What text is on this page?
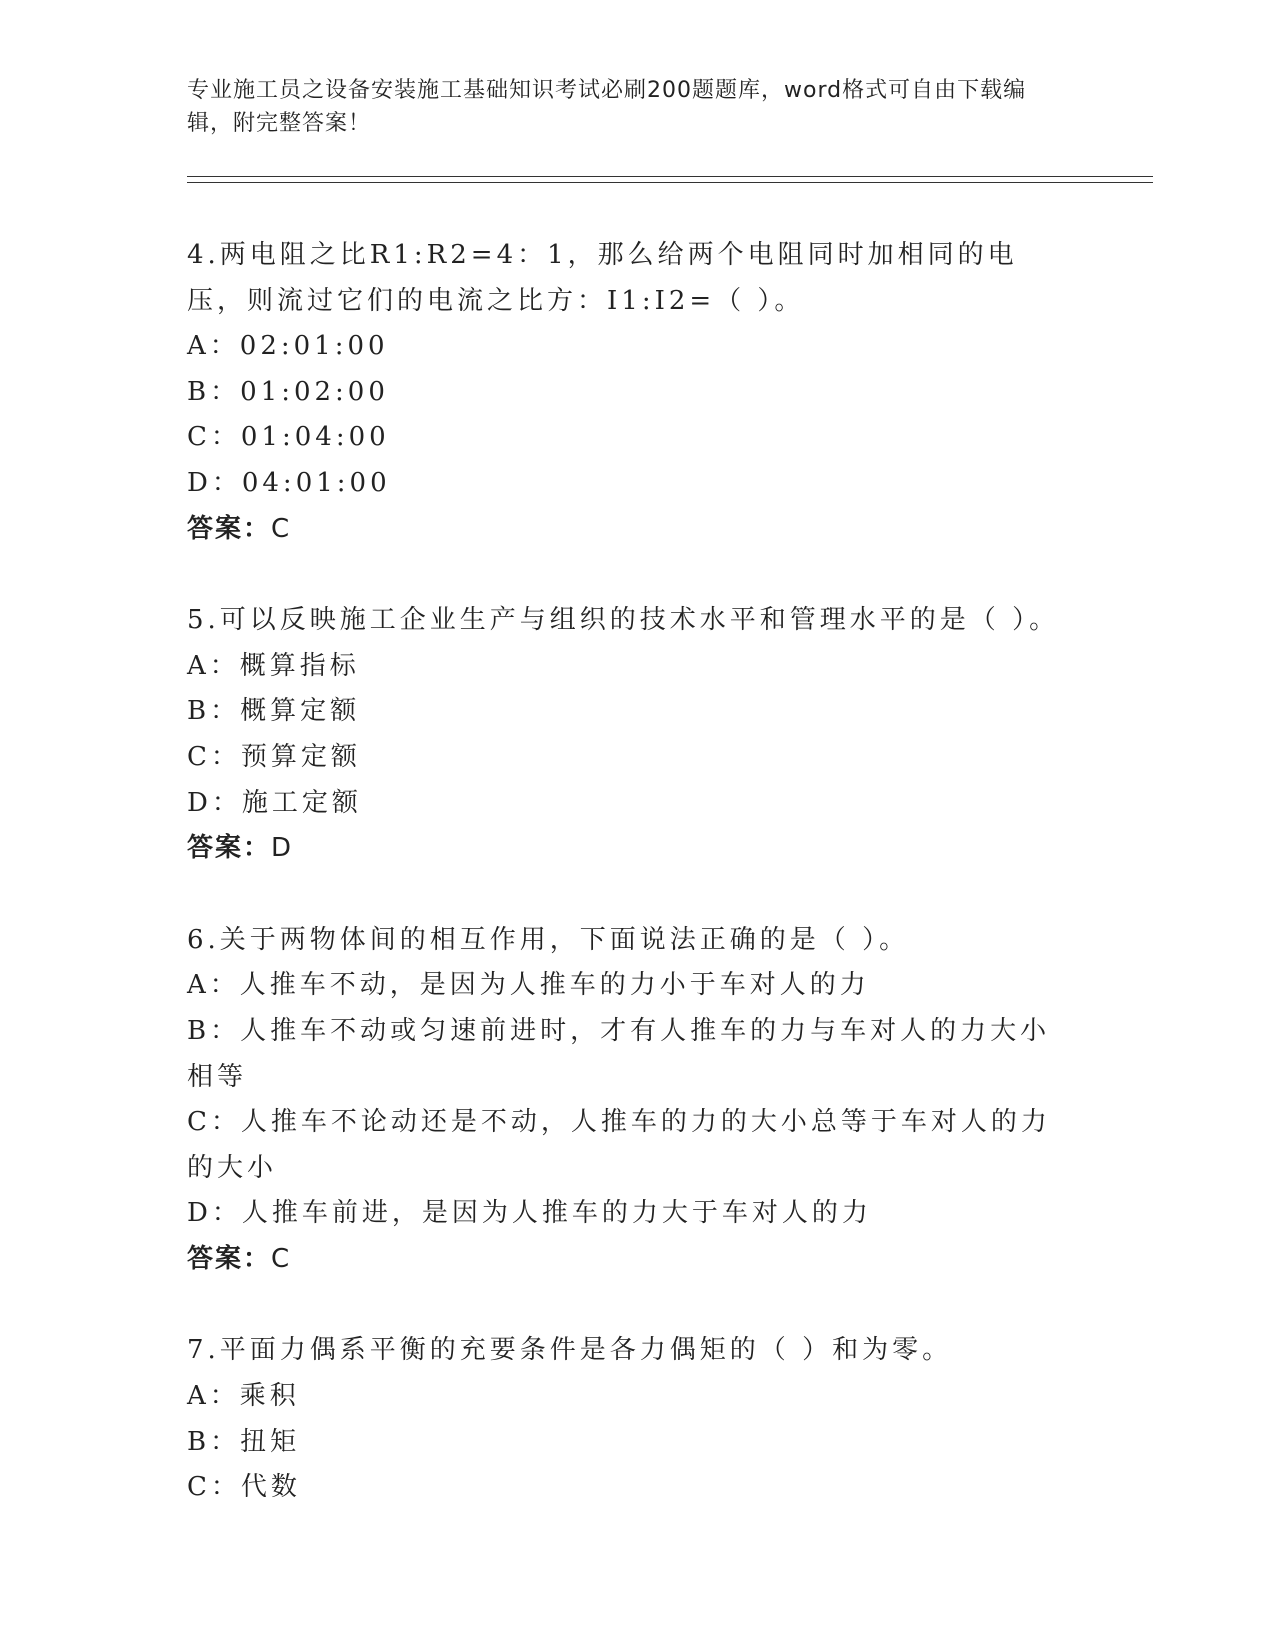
专业施工员之设备安装施工基础知识考试必刷200题题库，word格式可自由下载编辑，附完整答案！

4.两电阻之比R1:R2=4：1，那么给两个电阻同时加相同的电压，则流过它们的电流之比方：I1:I2=（ ）。

A：02:01:00

B：01:02:00

C：01:04:00

D：04:01:00

答案：C

5.可以反映施工企业生产与组织的技术水平和管理水平的是（ ）。

A：概算指标

B：概算定额

C：预算定额

D：施工定额

答案：D

6.关于两物体间的相互作用，下面说法正确的是（ ）。

A：人推车不动，是因为人推车的力小于车对人的力

B：人推车不动或匀速前进时，才有人推车的力与车对人的力大小相等

C：人推车不论动还是不动，人推车的力的大小总等于车对人的力的大小

D：人推车前进，是因为人推车的力大于车对人的力

答案：C

7.平面力偶系平衡的充要条件是各力偶矩的（ ）和为零。

A：乘积

B：扭矩

C：代数
